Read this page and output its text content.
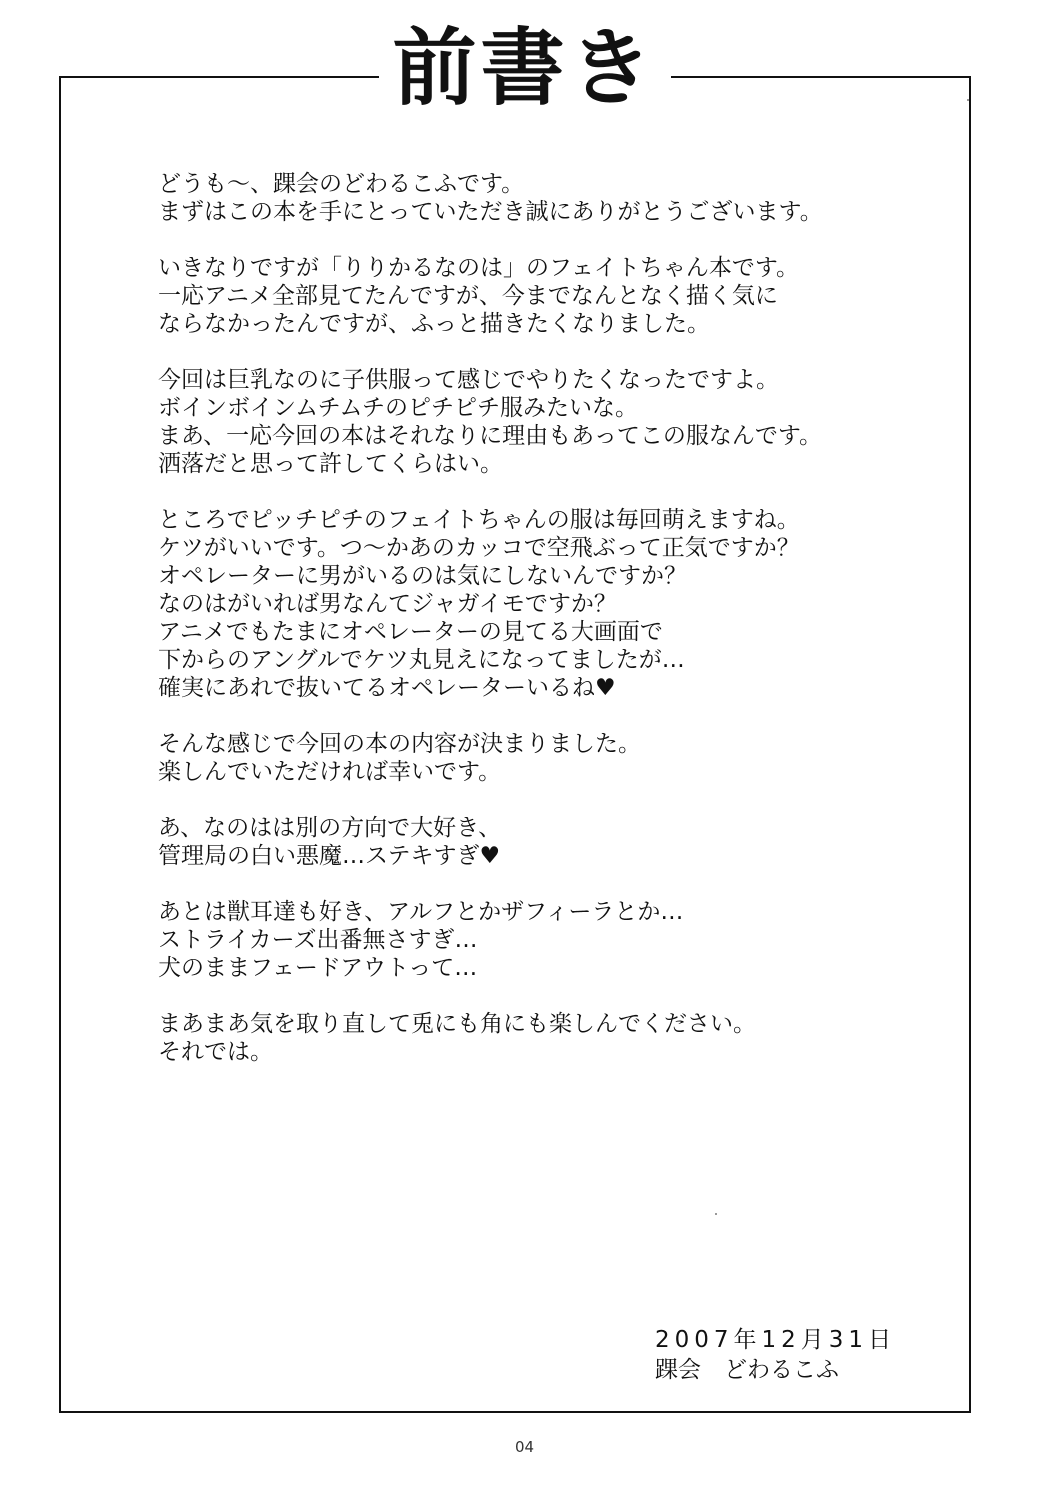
前書き
どうも〜、踝会のどわるこふです。
まずはこの本を手にとっていただき誠にありがとうございます。
いきなりですが「りりかるなのは」のフェイトちゃん本です。
一応アニメ全部見てたんですが、今までなんとなく描く気に
ならなかったんですが、ふっと描きたくなりました。
今回は巨乳なのに子供服って感じでやりたくなったですよ。
ボインボインムチムチのピチピチ服みたいな。
まあ、一応今回の本はそれなりに理由もあってこの服なんです。
洒落だと思って許してくらはい。
ところでピッチピチのフェイトちゃんの服は毎回萌えますね。
ケツがいいです。つ〜かあのカッコで空飛ぶって正気ですか？
オペレーターに男がいるのは気にしないんですか？
なのはがいれば男なんてジャガイモですか？
アニメでもたまにオペレーターの見てる大画面で
下からのアングルでケツ丸見えになってましたが…
確実にあれで抜いてるオペレーターいるね♥
そんな感じで今回の本の内容が決まりました。
楽しんでいただければ幸いです。
あ、なのはは別の方向で大好き、
管理局の白い悪魔…ステキすぎ♥
あとは獣耳達も好き、アルフとかザフィーラとか…
ストライカーズ出番無さすぎ…
犬のままフェードアウトって…
まあまあ気を取り直して兎にも角にも楽しんでください。
それでは。
2007年12月31日
踝会　どわるこふ
04
